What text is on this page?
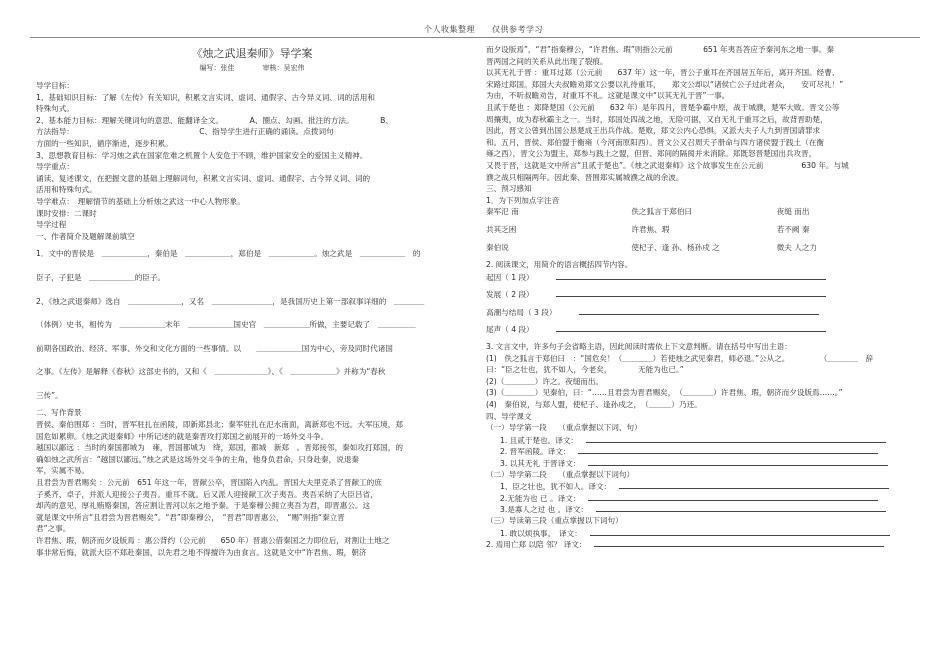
个人收集整理　　仅供参考学习
《烛之武退秦师》导学案
编写：张佳　　　　审核：吴宏伟
导学目标：
1、基础知识目标：了解《左传》有关知识，积累文言实词、虚词、通假字、古今异义词、词的活用和
特殊句式。
2、基本能力目标：理解关键词句的意思、能翻译全文。　　　　A、圈点、勾画、批注的方法。　　　　B、
方法指导：　　　　　　　　　　　　　　　　　C、指导学生进行正确的诵读。点拨词句
方面的一些知识，循序渐进，逐步积累。
3、思想教育目标：学习烛之武在国家危难之机置个人安危于不顾，维护国家安全的爱国主义精神。
导学重点：
诵读、复述课文，在把握文意的基础上理解词句，积累文言实词、虚词、通假字、古今异义词、词的
活用和特殊句式。
导学难点：　理解情节的基础上分析烛之武这一中心人物形象。
课时安排：二课时
导学过程
一、作者简介及题解课前填空
1．文中的晋侯是　＿＿＿＿＿＿，秦伯是　＿＿＿＿＿＿，郑伯是　＿＿＿＿＿＿。烛之武是　＿＿＿＿＿＿　的
臣子，子犯是　＿＿＿＿＿＿的臣子。
2、《烛之武退秦师》选自　＿＿＿＿＿＿＿，又名　＿＿＿＿＿＿＿＿，是我国历史上第一部叙事详细的　＿＿＿＿
（体例）史书，相传为　＿＿＿＿＿＿末年　＿＿＿＿＿＿国史官　＿＿＿＿＿＿所做，主要记载了　＿＿＿＿＿
前期各国政治、经济、军事、外交和文化方面的一些事情。以　　＿＿＿＿＿＿国为中心，旁及同时代诸国
之事。《左传》是解释《春秋》这部史书的，又和《　＿＿＿＿＿＿＿》、《　＿＿＿＿＿＿》并称为“春秋
三传”。
二、写作背景
晋侯、秦伯围郑 ：当时，晋军驻扎在函陵，即新郑县北；秦军驻扎在氾水南面，离新郑也不远。大军压境，郑
国危如累卵。《烛之武退秦师》中所记述的就是秦晋攻打郑国之前展开的一场外交斗争。
越国以鄙远 ：当时的秦国都城为　雍，晋国都城为　绛，郑国，都城　新郑　。晋郑接邻，秦如攻打郑国，的
确如烛之武所言：“越国以鄙远。”烛之武是这场外交斗争的主角，他身负君命，只身赴秦，说退秦
军，实属不易。
且君尝为晋君赐矣 ：公元前　651 年这一年，晋献公卒，晋国陷入内乱。晋国大夫里克杀了晋献工的庶
子奚齐、卓子，并派人迎接公子夷吾。重耳不就。后又派人迎接献工次子夷吾。夷吾采纳了大臣吕省，
却芮的意见，厚礼贿赂秦国，答应割让晋河以东之地予秦。于是秦穆公拥立夷吾为君，即晋惠公。这
就是课文中所言“且君尝为晋君赐矣”。“君”即秦穆公，　“晋君”即晋惠公，　“赐”则指“秦立晋
君”之事。
许君焦、瑕，朝济而夕设版焉 ：惠公背约（公元前　　650 年）晋惠公借秦国之力即位后，对割让土地之
事非常后悔，就派大臣不郑赴秦国，以先君之地不得擅许为由食言。这就是文中“许君焦、瑕，朝济
而夕设版焉”，“君”指秦穆公，“许君焦、瑕”则指公元前　　　　651 年夷吾答应予秦河东之地一事。秦
晋两国之间的关系从此出现了裂痕。
以其无礼于晋 ：重耳过郑（公元前　　637 年）这一年，晋公子重耳在齐国居五年后，离开齐国。经曹、
宋路过郑国。郑国大夫叔瞻劝郑文公要以礼待重耳，　　郑文公却以“诸侯亡公子过此者众，　　安可尽礼！”
为由，不听叔瞻劝告，对重耳不礼。这就是课文中“以其无礼于晋”一事。
且贰于楚也 ：郑降楚国（公元前　　632 年）是年四月，晋楚争霸中原，战于城濮，楚军大败。晋文公等
周攘夷，成为春秋霸主之一。当时，郑国处四战之地，无险可据，又自无礼于重耳之后，故背晋助楚，
因此，晋文公曾到出国公恳楚成王出兵作战。楚败，郑文公内心恐惧，又派大夫子人九到晋国请罪求
和。五月，晋侯、郑伯盟于衡雍（今河南原阳西）。晋文公又召周天子册命与四方诸侯盟于践土（在衡
雍之西），晋文公为盟主，郑参与践土之盟，但晋、郑间的隔阂并未消除。郑既怒晋楚国出兵攻晋，
又畏于晋，这就是文中所言“且贰于楚也”。《烛之武退秦师》这个故事发生在公元前　　　　　630 年。与城
濮之战只相隔两年。因此秦、晋围郑实属城濮之战的余波。
三、预习感知
1．为下列加点字注音
秦军氾 南	佚之狐言于郑伯曰	夜缒 而出
共其乏困	许君焦、瑕	若不阙 秦
秦伯说	使杞子、逢 孙、杨孙戍 之	微夫 人之力
2. 阅读课文，用简介的语言概括四节内容。
起因（ 1 段）
发展（ 2 段）
高潮与结局（ 3 段）
尾声（ 4 段）
3. 文言文中，许多句子会省略主语，因此阅读时需依上下文意判断。请在括号中写出主语：
(1)　佚之狐言于郑伯曰　：“国危矣！（＿＿＿＿）若使烛之武见秦君，师必退。”公从之。　　　　　（＿＿＿＿　辞
曰：“臣之壮也，犹不如人，今老矣，　　　　无能为也已。”
(2)（＿＿＿＿）许之。夜缒而出。
(3)（＿＿＿＿）见秦伯，曰：“……且君尝为晋君赐矣，　（＿＿＿＿）许君焦、瑕，朝济而夕设版焉……。”
(4)　秦伯说，与郑人盟，使杞子、逢孙戍之，　（＿＿＿）乃还。
四、导学课文
（一）导学第一段　　（重点掌握以下词、句）
1. 且贰于楚也。译文：
2. 晋军函陵。译文：
3. 以其无礼 于晋译文：
（二）导学第二段　　（重点掌握以下词句）
1、臣之壮也，犹不如人。译文：
2.无能为也 已 。译文：
3.是寡人之过 也 。译文：
（三）导读第三段（重点掌握以下词句）
1. 敢以烦执事。　译文：
2. 焉用亡郑 以陪 邻？ 译文：
